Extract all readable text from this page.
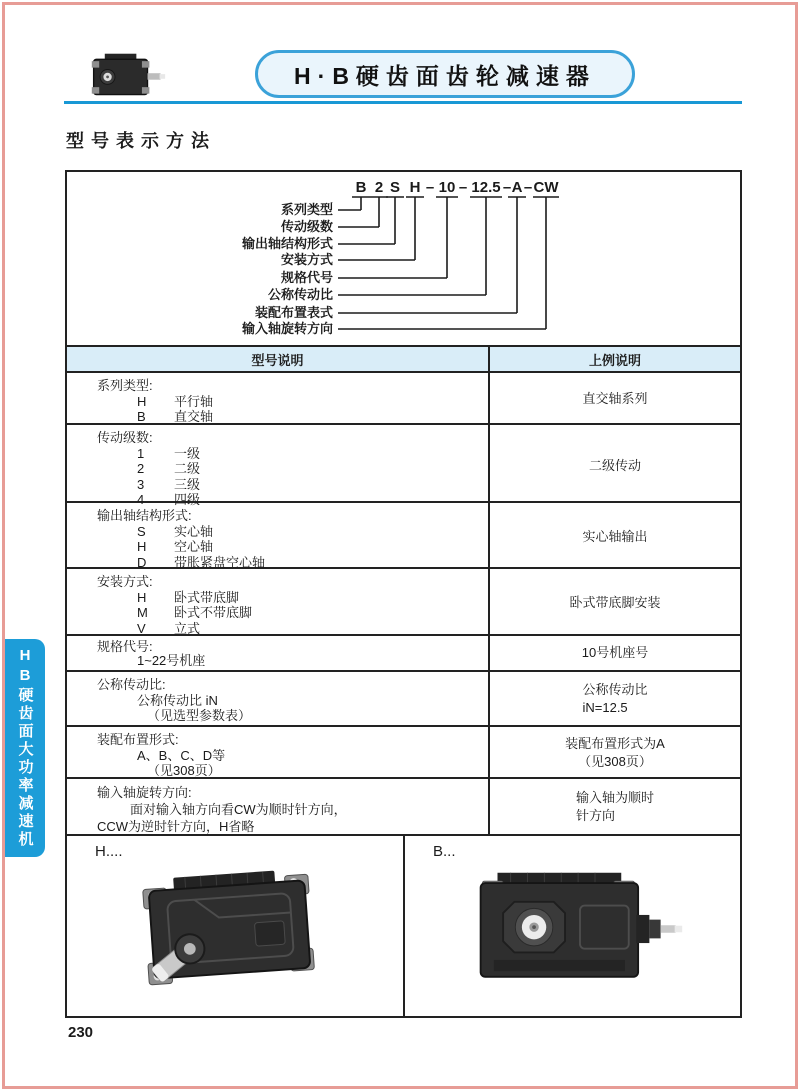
H·B硬齿面齿轮减速器
型号表示方法
HB硬齿面大功率减速机
B 2 S H – 10 – 12.5 – A – CW
系列类型
传动级数
输出轴结构形式
安装方式
规格代号
公称传动比
装配布置表式
输入轴旋转方向
型号说明	上例说明
系列类型:
H 平行轴
B 直交轴
直交轴系列
传动级数:
1 一级
2 二级
3 三级
4 四级
二级传动
输出轴结构形式:
S 实心轴
H 空心轴
D 带胀紧盘空心轴
实心轴输出
安装方式:
H 卧式带底脚
M 卧式不带底脚
V 立式
卧式带底脚安装
规格代号:
1~22号机座
10号机座号
公称传动比:
公称传动比 iN
（见选型参数表）
公称传动比
iN=12.5
装配布置形式:
A、B、C、D等
（见308页）
装配布置形式为A
（见308页）
输入轴旋转方向:
面对输入轴方向看CW为顺时针方向，
CCW为逆时针方向，H省略
输入轴为顺时
针方向
H....	B...
230
